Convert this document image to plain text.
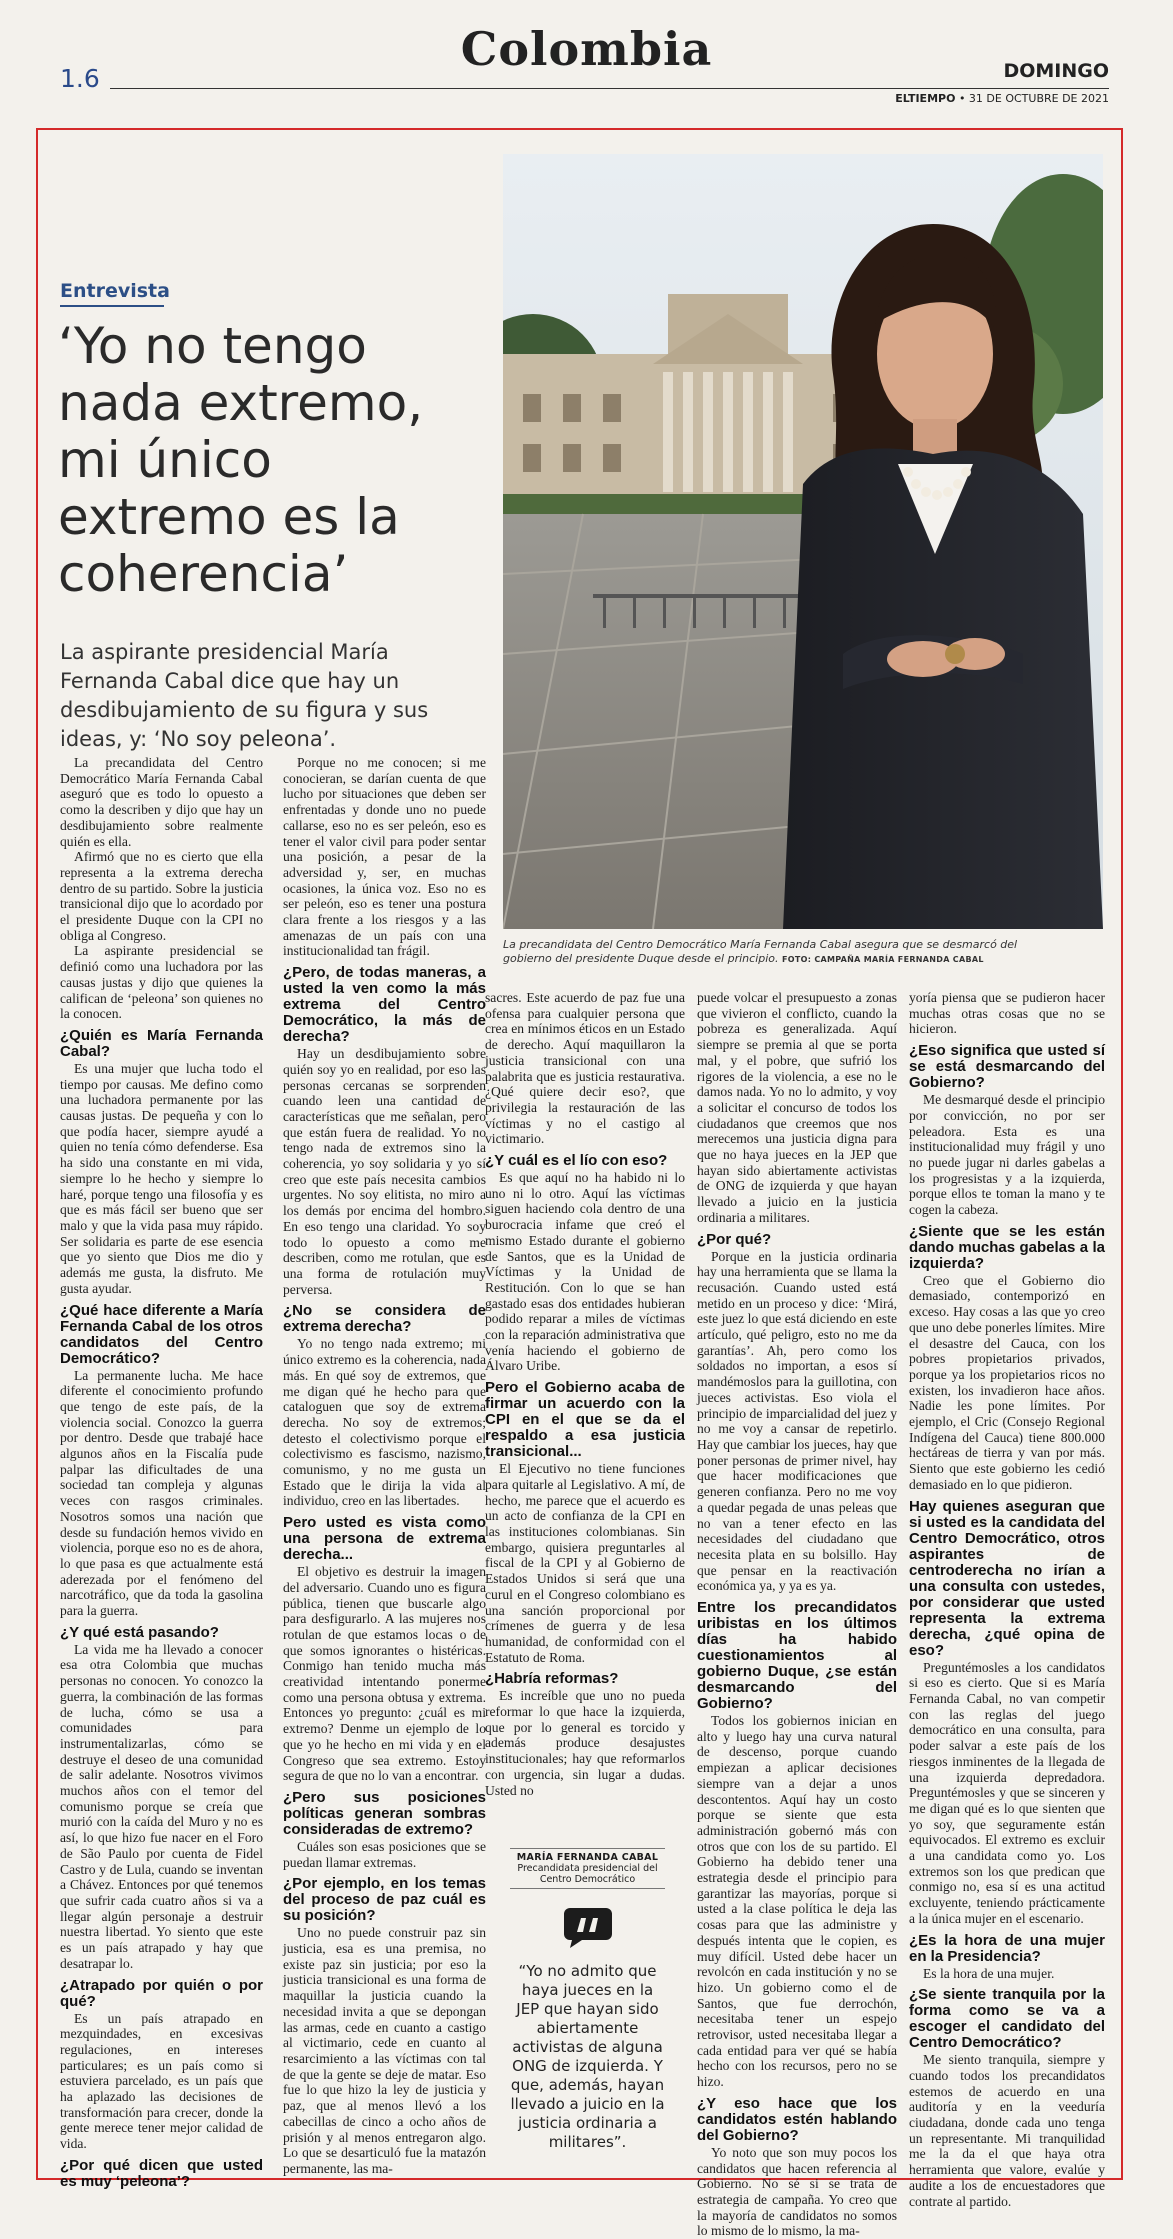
Colombia
1.6	DOMINGO
ELTIEMPO • 31 DE OCTUBRE DE 2021
Entrevista
‘Yo no tengo nada extremo, mi único extremo es la coherencia’
La aspirante presidencial María Fernanda Cabal dice que hay un desdibujamiento de su figura y sus ideas, y: ‘No soy peleona’.
La precandidata del Centro Democrático María Fernanda Cabal asegura que se desmarcó del gobierno del presidente Duque desde el principio. FOTO: CAMPAÑA MARÍA FERNANDA CABAL

La precandidata del Centro Democrático María Fernanda Cabal aseguró que es todo lo opuesto a como la describen y dijo que hay un desdibujamiento sobre realmente quién es ella.

Afirmó que no es cierto que ella representa a la extrema derecha dentro de su partido. Sobre la justicia transicional dijo que lo acordado por el presidente Duque con la CPI no obliga al Congreso.

La aspirante presidencial se definió como una luchadora por las causas justas y dijo que quienes la califican de ‘peleona’ son quienes no la conocen.

¿Quién es María Fernanda Cabal?

Es una mujer que lucha todo el tiempo por causas. Me defino como una luchadora permanente por las causas justas. De pequeña y con lo que podía hacer, siempre ayudé a quien no tenía cómo defenderse. Esa ha sido una constante en mi vida, siempre lo he hecho y siempre lo haré, porque tengo una filosofía y es que es más fácil ser bueno que ser malo y que la vida pasa muy rápido. Ser solidaria es parte de ese esencia que yo siento que Dios me dio y además me gusta, la disfruto. Me gusta ayudar.

¿Qué hace diferente a María Fernanda Cabal de los otros candidatos del Centro Democrático?

La permanente lucha. Me hace diferente el conocimiento profundo que tengo de este país, de la violencia social. Conozco la guerra por dentro. Desde que trabajé hace algunos años en la Fiscalía pude palpar las dificultades de una sociedad tan compleja y algunas veces con rasgos criminales. Nosotros somos una nación que desde su fundación hemos vivido en violencia, porque eso no es de ahora, lo que pasa es que actualmente está aderezada por el fenómeno del narcotráfico, que da toda la gasolina para la guerra.

¿Y qué está pasando?

La vida me ha llevado a conocer esa otra Colombia que muchas personas no conocen. Yo conozco la guerra, la combinación de las formas de lucha, cómo se usa a comunidades para instrumentalizarlas, cómo se destruye el deseo de una comunidad de salir adelante. Nosotros vivimos muchos años con el temor del comunismo porque se creía que murió con la caída del Muro y no es así, lo que hizo fue nacer en el Foro de São Paulo por cuenta de Fidel Castro y de Lula, cuando se inventan a Chávez. Entonces por qué tenemos que sufrir cada cuatro años si va a llegar algún personaje a destruir nuestra libertad. Yo siento que este es un país atrapado y hay que desatrapar lo.

¿Atrapado por quién o por qué?

Es un país atrapado en mezquindades, en excesivas regulaciones, en intereses particulares; es un país como si estuviera parcelado, es un país que ha aplazado las decisiones de transformación para crecer, donde la gente merece tener mejor calidad de vida.

¿Por qué dicen que usted es muy ‘peleona’?

Porque no me conocen; si me conocieran, se darían cuenta de que lucho por situaciones que deben ser enfrentadas y donde uno no puede callarse, eso no es ser peleón, eso es tener el valor civil para poder sentar una posición, a pesar de la adversidad y, ser, en muchas ocasiones, la única voz. Eso no es ser peleón, eso es tener una postura clara frente a los riesgos y a las amenazas de un país con una institucionalidad tan frágil.

¿Pero, de todas maneras, a usted la ven como la más extrema del Centro Democrático, la más de derecha?

Hay un desdibujamiento sobre quién soy yo en realidad, por eso las personas cercanas se sorprenden cuando leen una cantidad de características que me señalan, pero que están fuera de realidad. Yo no tengo nada de extremos sino la coherencia, yo soy solidaria y yo sí creo que este país necesita cambios urgentes. No soy elitista, no miro a los demás por encima del hombro. En eso tengo una claridad. Yo soy todo lo opuesto a como me describen, como me rotulan, que es una forma de rotulación muy perversa.

¿No se considera de extrema derecha?

Yo no tengo nada extremo; mi único extremo es la coherencia, nada más. En qué soy de extremos, que me digan qué he hecho para que cataloguen que soy de extrema derecha. No soy de extremos; detesto el colectivismo porque el colectivismo es fascismo, nazismo, comunismo, y no me gusta un Estado que le dirija la vida al individuo, creo en las libertades.

Pero usted es vista como una persona de extrema derecha...

El objetivo es destruir la imagen del adversario. Cuando uno es figura pública, tienen que buscarle algo para desfigurarlo. A las mujeres nos rotulan de que estamos locas o de que somos ignorantes o histéricas. Conmigo han tenido mucha más creatividad intentando ponerme como una persona obtusa y extrema. Entonces yo pregunto: ¿cuál es mi extremo? Denme un ejemplo de lo que yo he hecho en mi vida y en el Congreso que sea extremo. Estoy segura de que no lo van a encontrar.

¿Pero sus posiciones políticas generan sombras consideradas de extremo?

Cuáles son esas posiciones que se puedan llamar extremas.

¿Por ejemplo, en los temas del proceso de paz cuál es su posición?

Uno no puede construir paz sin justicia, esa es una premisa, no existe paz sin justicia; por eso la justicia transicional es una forma de maquillar la justicia cuando la necesidad invita a que se depongan las armas, cede en cuanto a castigo al victimario, cede en cuanto al resarcimiento a las víctimas con tal de que la gente se deje de matar. Eso fue lo que hizo la ley de justicia y paz, que al menos llevó a los cabecillas de cinco a ocho años de prisión y al menos entregaron algo. Lo que se desarticuló fue la matazón permanente, las ma-

sacres. Este acuerdo de paz fue una ofensa para cualquier persona que crea en mínimos éticos en un Estado de derecho. Aquí maquillaron la justicia transicional con una palabrita que es justicia restaurativa. ¿Qué quiere decir eso?, que privilegia la restauración de las víctimas y no el castigo al victimario.

¿Y cuál es el lío con eso?

Es que aquí no ha habido ni lo uno ni lo otro. Aquí las víctimas siguen haciendo cola dentro de una burocracia infame que creó el mismo Estado durante el gobierno de Santos, que es la Unidad de Víctimas y la Unidad de Restitución. Con lo que se han gastado esas dos entidades hubieran podido reparar a miles de víctimas con la reparación administrativa que venía haciendo el gobierno de Álvaro Uribe.

Pero el Gobierno acaba de firmar un acuerdo con la CPI en el que se da el respaldo a esa justicia transicional...

El Ejecutivo no tiene funciones para quitarle al Legislativo. A mí, de hecho, me parece que el acuerdo es un acto de confianza de la CPI en las instituciones colombianas. Sin embargo, quisiera preguntarles al fiscal de la CPI y al Gobierno de Estados Unidos si será que una curul en el Congreso colombiano es una sanción proporcional por crímenes de guerra y de lesa humanidad, de conformidad con el Estatuto de Roma.

¿Habría reformas?

Es increíble que uno no pueda reformar lo que hace la izquierda, que por lo general es torcido y además produce desajustes institucionales; hay que reformarlos con urgencia, sin lugar a dudas. Usted no

puede volcar el presupuesto a zonas que vivieron el conflicto, cuando la pobreza es generalizada. Aquí siempre se premia al que se porta mal, y el pobre, que sufrió los rigores de la violencia, a ese no le damos nada. Yo no lo admito, y voy a solicitar el concurso de todos los ciudadanos que creemos que nos merecemos una justicia digna para que no haya jueces en la JEP que hayan sido abiertamente activistas de ONG de izquierda y que hayan llevado a juicio en la justicia ordinaria a militares.

¿Por qué?

Porque en la justicia ordinaria hay una herramienta que se llama la recusación. Cuando usted está metido en un proceso y dice: ‘Mirá, este juez lo que está diciendo en este artículo, qué peligro, esto no me da garantías’. Ah, pero como los soldados no importan, a esos sí mandémoslos para la guillotina, con jueces activistas. Eso viola el principio de imparcialidad del juez y no me voy a cansar de repetirlo. Hay que cambiar los jueces, hay que poner personas de primer nivel, hay que hacer modificaciones que generen confianza. Pero no me voy a quedar pegada de unas peleas que no van a tener efecto en las necesidades del ciudadano que necesita plata en su bolsillo. Hay que pensar en la reactivación económica ya, y ya es ya.

Entre los precandidatos uribistas en los últimos días ha habido cuestionamientos al gobierno Duque, ¿se están desmarcando del Gobierno?

Todos los gobiernos inician en alto y luego hay una curva natural de descenso, porque cuando empiezan a aplicar decisiones siempre van a dejar a unos descontentos. Aquí hay un costo porque se siente que esta administración gobernó más con otros que con los de su partido. El Gobierno ha debido tener una estrategia desde el principio para garantizar las mayorías, porque si usted a la clase política le deja las cosas para que las administre y después intenta que le copien, es muy difícil. Usted debe hacer un revolcón en cada institución y no se hizo. Un gobierno como el de Santos, que fue derrochón, necesitaba tener un espejo retrovisor, usted necesitaba llegar a cada entidad para ver qué se había hecho con los recursos, pero no se hizo.

¿Y eso hace que los candidatos estén hablando del Gobierno?

Yo noto que son muy pocos los candidatos que hacen referencia al Gobierno. No sé si se trata de estrategia de campaña. Yo creo que la mayoría de candidatos no somos lo mismo de lo mismo, la ma-

yoría piensa que se pudieron hacer muchas otras cosas que no se hicieron.

¿Eso significa que usted sí se está desmarcando del Gobierno?

Me desmarqué desde el principio por convicción, no por ser peleadora. Esta es una institucionalidad muy frágil y uno no puede jugar ni darles gabelas a los progresistas y a la izquierda, porque ellos te toman la mano y te cogen la cabeza.

¿Siente que se les están dando muchas gabelas a la izquierda?

Creo que el Gobierno dio demasiado, contemporizó en exceso. Hay cosas a las que yo creo que uno debe ponerles límites. Mire el desastre del Cauca, con los pobres propietarios privados, porque ya los propietarios ricos no existen, los invadieron hace años. Nadie les pone límites. Por ejemplo, el Cric (Consejo Regional Indígena del Cauca) tiene 800.000 hectáreas de tierra y van por más. Siento que este gobierno les cedió demasiado en lo que pidieron.

Hay quienes aseguran que si usted es la candidata del Centro Democrático, otros aspirantes de centroderecha no irían a una consulta con ustedes, por considerar que usted representa la extrema derecha, ¿qué opina de eso?

Preguntémosles a los candidatos si eso es cierto. Que si es María Fernanda Cabal, no van competir con las reglas del juego democrático en una consulta, para poder salvar a este país de los riesgos inminentes de la llegada de una izquierda depredadora. Preguntémosles y que se sinceren y me digan qué es lo que sienten que yo soy, que seguramente están equivocados. El extremo es excluir a una candidata como yo. Los extremos son los que predican que conmigo no, esa sí es una actitud excluyente, teniendo prácticamente a la única mujer en el escenario.

¿Es la hora de una mujer en la Presidencia?

Es la hora de una mujer.

¿Se siente tranquila por la forma como se va a escoger el candidato del Centro Democrático?

Me siento tranquila, siempre y cuando todos los precandidatos estemos de acuerdo en una auditoría y en la veeduría ciudadana, donde cada uno tenga un representante. Mi tranquilidad me la da el que haya otra herramienta que valore, evalúe y audite a los de encuestadores que contrate al partido.

MARÍA FERNANDA CABAL
Precandidata presidencial del Centro Democrático
“Yo no admito que haya jueces en la JEP que hayan sido abiertamente activistas de alguna ONG de izquierda. Y que, además, hayan llevado a juicio en la justicia ordinaria a militares”.
